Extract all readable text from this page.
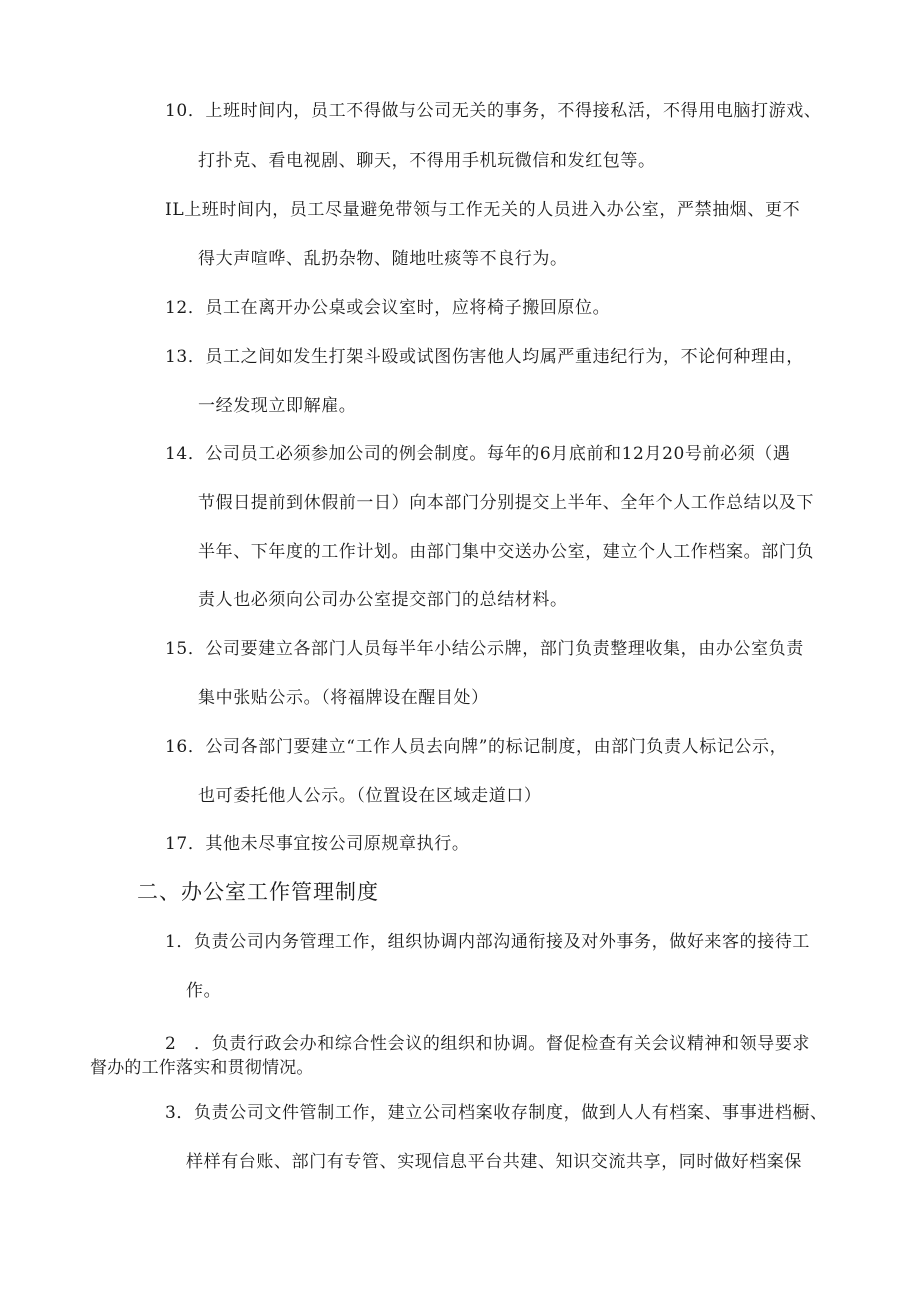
10．上班时间内，员工不得做与公司无关的事务，不得接私活，不得用电脑打游戏、
打扑克、看电视剧、聊天，不得用手机玩微信和发红包等。
IL上班时间内，员工尽量避免带领与工作无关的人员进入办公室，严禁抽烟、更不
得大声喧哗、乱扔杂物、随地吐痰等不良行为。
12．员工在离开办公桌或会议室时，应将椅子搬回原位。
13．员工之间如发生打架斗殴或试图伤害他人均属严重违纪行为，不论何种理由，
一经发现立即解雇。
14．公司员工必须参加公司的例会制度。每年的6月底前和12月20号前必须（遇
节假日提前到休假前一日）向本部门分别提交上半年、全年个人工作总结以及下
半年、下年度的工作计划。由部门集中交送办公室，建立个人工作档案。部门负
责人也必须向公司办公室提交部门的总结材料。
15．公司要建立各部门人员每半年小结公示牌，部门负责整理收集，由办公室负责
集中张贴公示。（将福牌设在醒目处）
16．公司各部门要建立“工作人员去向牌”的标记制度，由部门负责人标记公示，
也可委托他人公示。（位置设在区域走道口）
17．其他未尽事宜按公司原规章执行。
二、办公室工作管理制度
1．负责公司内务管理工作，组织协调内部沟通衔接及对外事务，做好来客的接待工
作。
2　．负责行政会办和综合性会议的组织和协调。督促检查有关会议精神和领导要求
督办的工作落实和贯彻情况。
3．负责公司文件管制工作，建立公司档案收存制度，做到人人有档案、事事进档橱、
样样有台账、部门有专管、实现信息平台共建、知识交流共享，同时做好档案保
